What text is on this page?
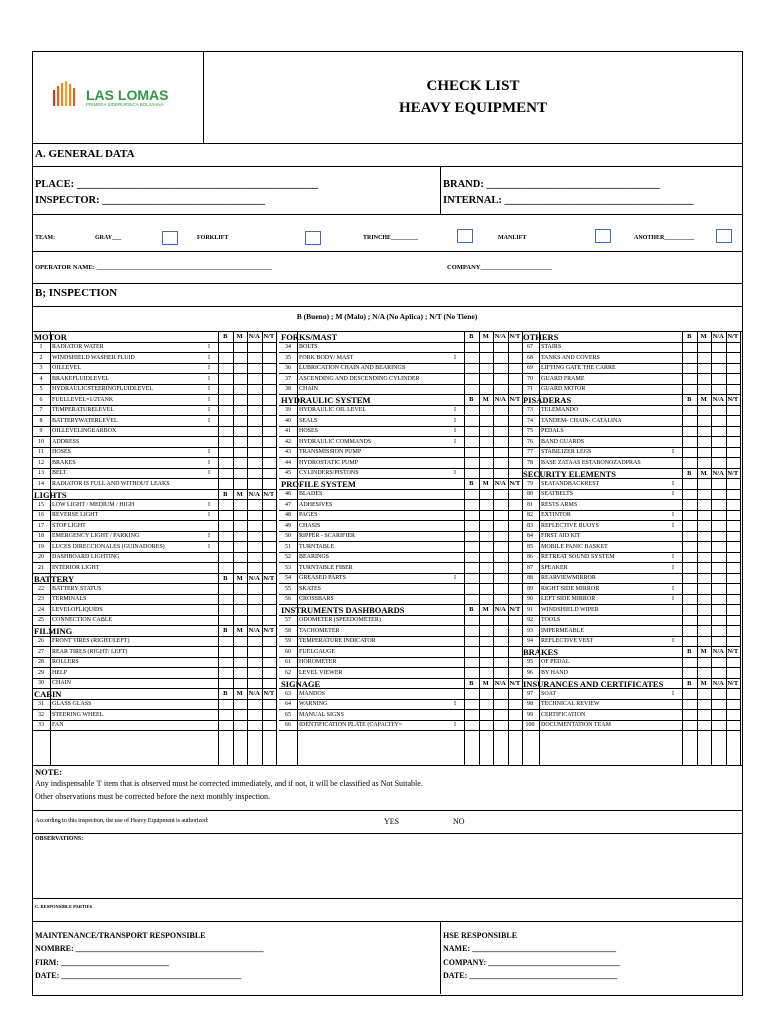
LAS LOMAS
PRIMERA SIDERÚRGICA BOLIVIANA
CHECK LIST
HEAVY EQUIPMENT
A. GENERAL DATA
PLACE: ______________________________________________
INSPECTOR: _______________________________
BRAND: _________________________________
INTERNAL: ____________________________________
TEAM:	GRAY___	FORKLIFT	TRINCHE_________	MANLIFT	ANOTHER__________
OPERATOR NAME: ______________________________________________________	COMPANY______________________
B; INSPECTION
B (Bueno) ; M (Malo) ; N/A (No Aplica) ; N/T (No Tiene)
MOTOR	B	M N/A N/T
1	RADIATOR WATER	I
2	WINDSHIELD WASHER FLUID	I
3	OILLEVEL	I
4	BRAKEFLUIDLEVEL	I
5	HYDRAULICSTEERINGFLUIDLEVEL	I
6	FUELLEVEL=1/2TANK	I
7	TEMPERATURELEVEL	I
8	BATTERYWATERLEVEL	I
9	OILLEVELINGEARBOX
10	ADDRESS
11	HOSES	I
12	BRAKES	I
13	BELT	I
14	RADIATOR IS FULL AND WITHOUT LEAKS
LIGHTS	B	M N/A N/T
15	LOW LIGHT / MEDIUM / HIGH	I
16	REVERSE LIGHT	I
17	STOP LIGHT
18	EMERGENCY LIGHT / PARKING	I
19	LUCES DIRECCIONALES (GUINADORES)	I
20	DASHBOARD LIGHTING
21	INTERIOR LIGHT
BATTERY	B	M N/A N/T
22	BATTERY STATUS
23	TERMINALS
24	LEVELOFLIQUIDS
25	CONNECTION CABLE
FILMING	B	M N/A N/T
26	FRONT TIRES (RIGHT/LEFT)
27	REAR TIRES (RIGHT/ LEFT)
28	ROLLERS
29	HELP
30	CHAIN
CABIN	B	M N/A N/T
31	GLASS GLASS
32	STEERING WHEEL
33	FAN
FORKS/MAST	B	M N/A N/T
34	BOLTS
35	FORK BODY/ MAST	I
36	LUBRICATION CHAIN AND BEARINGS
37	ASCENDING AND DESCENDING CYLINDER
38	CHAIN
HYDRAULIC SYSTEM	B	M N/A N/T
39	HYDRAULIC OIL LEVEL	I
40	SEALS	I
41	HOSES	I
42	HYDRAULIC COMMANDS	I
43	TRANSMISSION PUMP
44	HYDROSTATIC PUMP
45	CYLINDERS/PISTONS	I
PROFILE SYSTEM	B	M N/A N/T
46	BLADES
47	ADHESIVES
48	PAGES
49	CHASIS
50	RIPPER - SCARIFIER
51	TURNTABLE
52	BEARINGS
53	TURNTABLE FIBER
54	GREASED PARTS	I
55	SKATES
56	CROSSBARS
INSTRUMENTS DASHBOARDS	B	M N/A N/T
57	ODOMETER (SPEEDOMETER)
58	TACHOMETER
59	TEMPERATURE INDICATOR
60	FUELGAUGE
61	HOROMETER
62	LEVEL VIEWER
SIGNAGE	B	M N/A N/T
63	MANDOS
64	WARNING	I
65	MANUAL SIGNS
66	IDENTIFICATION PLATE (CAPACITY=	I
OTHERS	B	M N/A N/T
67	STAIRS
68	TANKS AND COVERS
69	LIFTING GATE THE CARRE
70	GUARD FRAME
71	GUARD MOTOR
PISADERAS	B	M N/A N/T
73	TELEMANDO
74	TANDEM- CHAIN- CATALINA
75	PEDALS
76	BAND GUARDS
77	STABILIZER LEGS	I
78	BASE ZATAAS ESTABONOZADPRAS
SECURITY ELEMENTS	B	M N/A N/T
79	SEATANDBACKREST	I
80	SEATBELTS	I
81	RESTS ARMS
82	EXTINTOR	I
83	REFLECTIVE BUOYS	I
84	FIRST AID KIT
85	MOBILE PANIC BASKET
86	RETREAT SOUND SYSTEM	I
87	SPEAKER	I
88	REARVIEWMIRROR
89	RIGHT SIDE MIRROR	I
90	LEFT SIDE MIRROR	I
91	WINDSHIELD WIPER
92	TOOLS
93	IMPERMEABLE
94	REFLECTIVE VEST	I
BRAKES	B	M N/A N/T
95	OF PEDAL
96	BY HAND
INSURANCES AND CERTIFICATES	B	M N/A N/T
97	SOAT	I
98	TECHNICAL REVIEW
99	CERTIFICATION
100	DOCUMENTATION TEAM
NOTE:
Any indispensable 'I' item that is observed must be corrected immediately, and if not, it will be classified as Not Suitable.
Other observations must be corrected before the next monthly inspection.
According to this inspection, the use of Heavy Equipment is authorized:	YES	NO
OBSERVATIONS:
C. RESPONSIBLE PARTIES
MAINTENANCE/TRANSPORT RESPONSIBLE
NOMBRE: _______________________________________________
FIRM: ___________________________
DATE: _____________________________________________
HSE RESPONSIBLE
NAME: ____________________________________
COMPANY: _________________________________
DATE: _____________________________________
